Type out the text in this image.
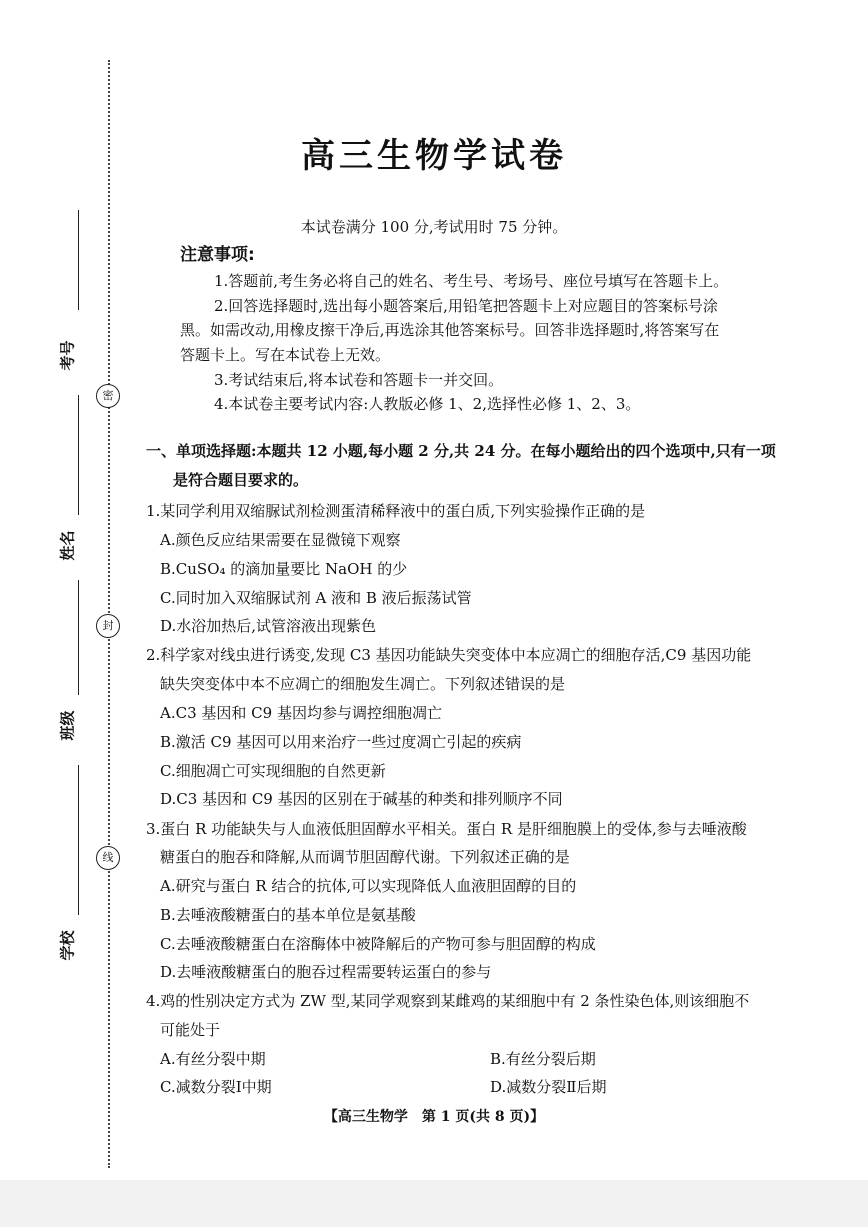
考号
密
姓名
封
班级
线
学校
高三生物学试卷
本试卷满分 100 分,考试用时 75 分钟。
注意事项:
1.答题前,考生务必将自己的姓名、考生号、考场号、座位号填写在答题卡上。
2.回答选择题时,选出每小题答案后,用铅笔把答题卡上对应题目的答案标号涂
黑。如需改动,用橡皮擦干净后,再选涂其他答案标号。回答非选择题时,将答案写在
答题卡上。写在本试卷上无效。
3.考试结束后,将本试卷和答题卡一并交回。
4.本试卷主要考试内容:人教版必修 1、2,选择性必修 1、2、3。
一、单项选择题:本题共 12 小题,每小题 2 分,共 24 分。在每小题给出的四个选项中,只有一项
是符合题目要求的。
1.某同学利用双缩脲试剂检测蛋清稀释液中的蛋白质,下列实验操作正确的是
A.颜色反应结果需要在显微镜下观察
B.CuSO₄ 的滴加量要比 NaOH 的少
C.同时加入双缩脲试剂 A 液和 B 液后振荡试管
D.水浴加热后,试管溶液出现紫色
2.科学家对线虫进行诱变,发现 C3 基因功能缺失突变体中本应凋亡的细胞存活,C9 基因功能
缺失突变体中本不应凋亡的细胞发生凋亡。下列叙述错误的是
A.C3 基因和 C9 基因均参与调控细胞凋亡
B.激活 C9 基因可以用来治疗一些过度凋亡引起的疾病
C.细胞凋亡可实现细胞的自然更新
D.C3 基因和 C9 基因的区别在于碱基的种类和排列顺序不同
3.蛋白 R 功能缺失与人血液低胆固醇水平相关。蛋白 R 是肝细胞膜上的受体,参与去唾液酸
糖蛋白的胞吞和降解,从而调节胆固醇代谢。下列叙述正确的是
A.研究与蛋白 R 结合的抗体,可以实现降低人血液胆固醇的目的
B.去唾液酸糖蛋白的基本单位是氨基酸
C.去唾液酸糖蛋白在溶酶体中被降解后的产物可参与胆固醇的构成
D.去唾液酸糖蛋白的胞吞过程需要转运蛋白的参与
4.鸡的性别决定方式为 ZW 型,某同学观察到某雌鸡的某细胞中有 2 条性染色体,则该细胞不
可能处于
A.有丝分裂中期	B.有丝分裂后期
C.减数分裂Ⅰ中期	D.减数分裂Ⅱ后期
【高三生物学　第 1 页(共 8 页)】
